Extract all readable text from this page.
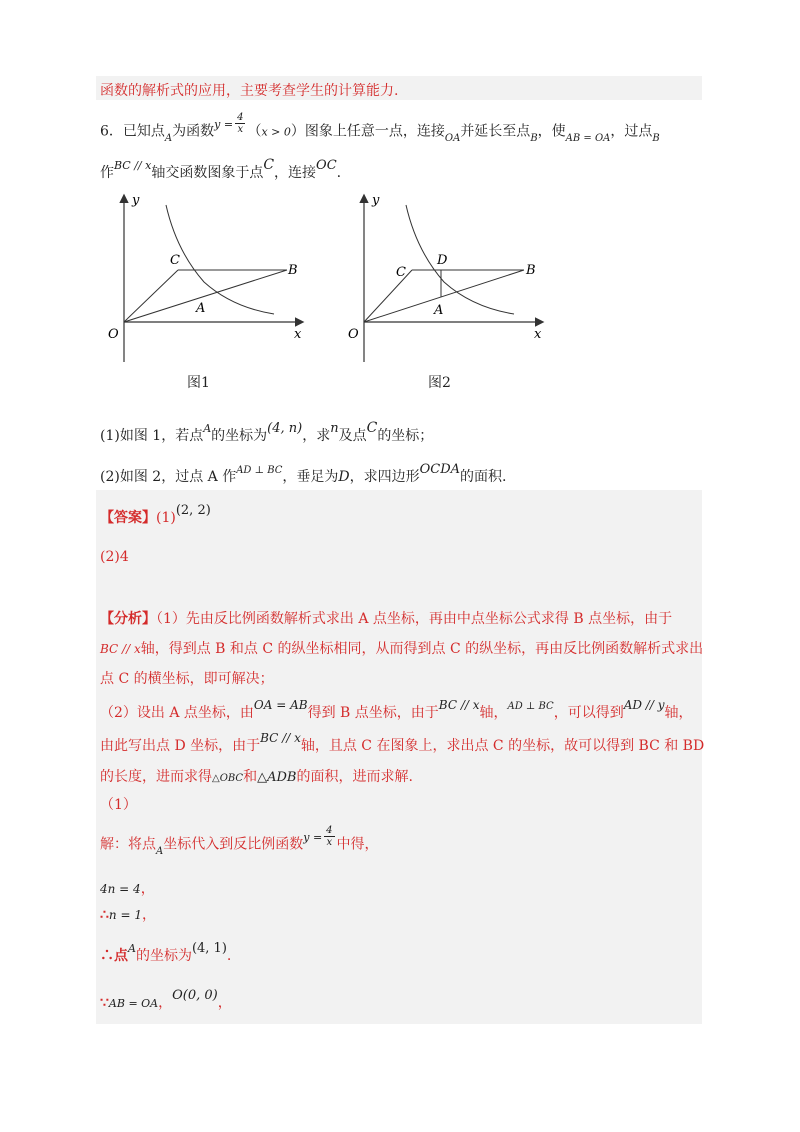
函数的解析式的应用，主要考查学生的计算能力.
6．已知点$_A$为函数$^{y =} \frac{4}{x} (x > 0)$图象上任意一点，连接$_{OA}$并延长至点$_B$，使$_{AB = OA}$，过点$_B$
作$^{BC // x}$轴交函数图象于点C，连接OC.
y
x
O
C
B
A
图1
y
x
O
C
D
B
A
图2
(1)如图 1，若点$^A$的坐标为(4, n)，求n及点C的坐标；
(2)如图 2，过点 A 作$^{AD \perp BC}$，垂足为D，求四边形OCDA的面积.
【答案】(1)(2, 2)
(2)4
【分析】（1）先由反比例函数解析式求出 A 点坐标，再由中点坐标公式求得 B 点坐标，由于
BC // x轴，得到点 B 和点 C 的纵坐标相同，从而得到点 C 的纵坐标，再由反比例函数解析式求出
点 C 的横坐标，即可解决；
（2）设出 A 点坐标，由OA = AB得到 B 点坐标，由于BC // x轴，$^{AD \perp BC}$，可以得到AD // y轴，
由此写出点 D 坐标，由于BC // x轴，且点 C 在图象上，求出点 C 的坐标，故可以得到 BC 和 BD
的长度，进而求得△OBC和△ADB的面积，进而求解.
（1）
解：将点$_A$坐标代入到反比例函数$^{y =} \frac{4}{x}$ 中得，
4n = 4，
∴n = 1，
∴点$^A$的坐标为(4, 1).
∵AB = OA，O(0, 0)，
